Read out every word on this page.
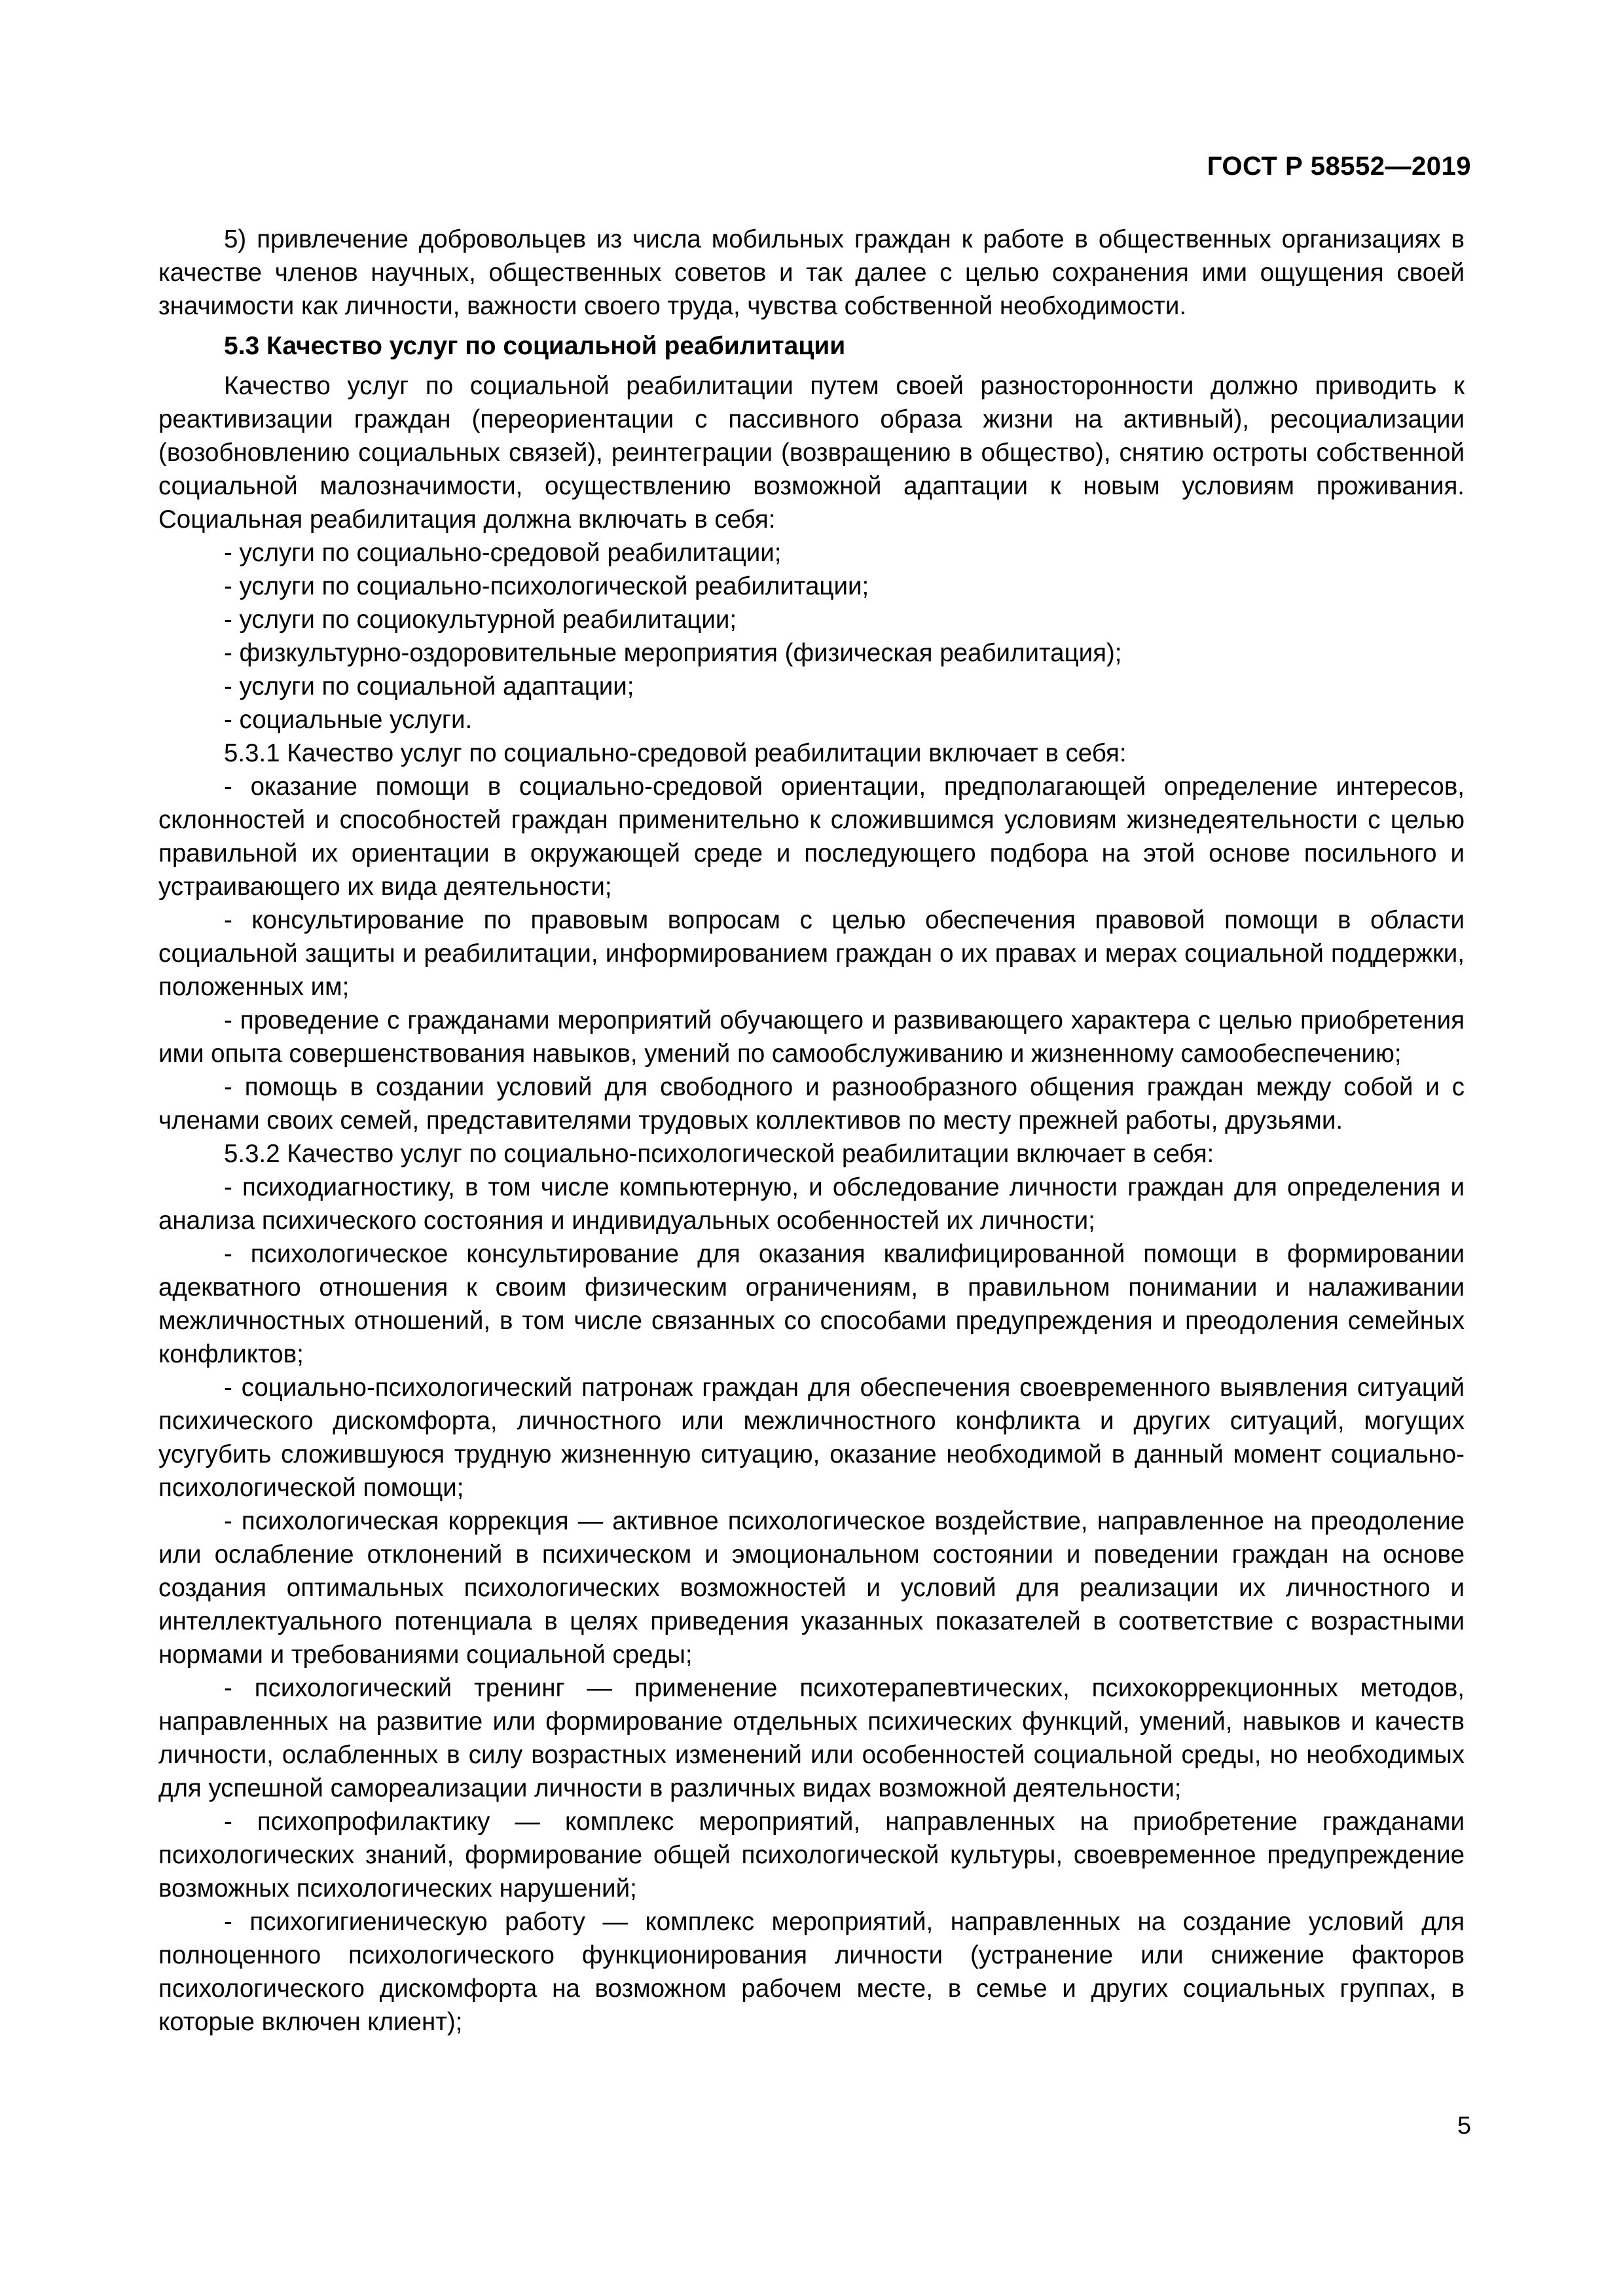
ГОСТ Р 58552—2019

5) привлечение добровольцев из числа мобильных граждан к работе в общественных организациях в качестве членов научных, общественных советов и так далее с целью сохранения ими ощущения своей значимости как личности, важности своего труда, чувства собственной необходимости.

5.3 Качество услуг по социальной реабилитации

Качество услуг по социальной реабилитации путем своей разносторонности должно приводить к реактивизации граждан (переориентации с пассивного образа жизни на активный), ресоциализации (возобновлению социальных связей), реинтеграции (возвращению в общество), снятию остроты собственной социальной малозначимости, осуществлению возможной адаптации к новым условиям проживания. Социальная реабилитация должна включать в себя:

- услуги по социально-средовой реабилитации;

- услуги по социально-психологической реабилитации;

- услуги по социокультурной реабилитации;

- физкультурно-оздоровительные мероприятия (физическая реабилитация);

- услуги по социальной адаптации;

- социальные услуги.

5.3.1 Качество услуг по социально-средовой реабилитации включает в себя:

- оказание помощи в социально-средовой ориентации, предполагающей определение интересов, склонностей и способностей граждан применительно к сложившимся условиям жизнедеятельности с целью правильной их ориентации в окружающей среде и последующего подбора на этой основе посильного и устраивающего их вида деятельности;

- консультирование по правовым вопросам с целью обеспечения правовой помощи в области социальной защиты и реабилитации, информированием граждан о их правах и мерах социальной поддержки, положенных им;

- проведение с гражданами мероприятий обучающего и развивающего характера с целью приобретения ими опыта совершенствования навыков, умений по самообслуживанию и жизненному самообеспечению;

- помощь в создании условий для свободного и разнообразного общения граждан между собой и с членами своих семей, представителями трудовых коллективов по месту прежней работы, друзьями.

5.3.2 Качество услуг по социально-психологической реабилитации включает в себя:

- психодиагностику, в том числе компьютерную, и обследование личности граждан для определения и анализа психического состояния и индивидуальных особенностей их личности;

- психологическое консультирование для оказания квалифицированной помощи в формировании адекватного отношения к своим физическим ограничениям, в правильном понимании и налаживании межличностных отношений, в том числе связанных со способами предупреждения и преодоления семейных конфликтов;

- социально-психологический патронаж граждан для обеспечения своевременного выявления ситуаций психического дискомфорта, личностного или межличностного конфликта и других ситуаций, могущих усугубить сложившуюся трудную жизненную ситуацию, оказание необходимой в данный момент социально-психологической помощи;

- психологическая коррекция — активное психологическое воздействие, направленное на преодоление или ослабление отклонений в психическом и эмоциональном состоянии и поведении граждан на основе создания оптимальных психологических возможностей и условий для реализации их личностного и интеллектуального потенциала в целях приведения указанных показателей в соответствие с возрастными нормами и требованиями социальной среды;

- психологический тренинг — применение психотерапевтических, психокоррекционных методов, направленных на развитие или формирование отдельных психических функций, умений, навыков и качеств личности, ослабленных в силу возрастных изменений или особенностей социальной среды, но необходимых для успешной самореализации личности в различных видах возможной деятельности;

- психопрофилактику — комплекс мероприятий, направленных на приобретение гражданами психологических знаний, формирование общей психологической культуры, своевременное предупреждение возможных психологических нарушений;

- психогигиеническую работу — комплекс мероприятий, направленных на создание условий для полноценного психологического функционирования личности (устранение или снижение факторов психологического дискомфорта на возможном рабочем месте, в семье и других социальных группах, в которые включен клиент);

5
